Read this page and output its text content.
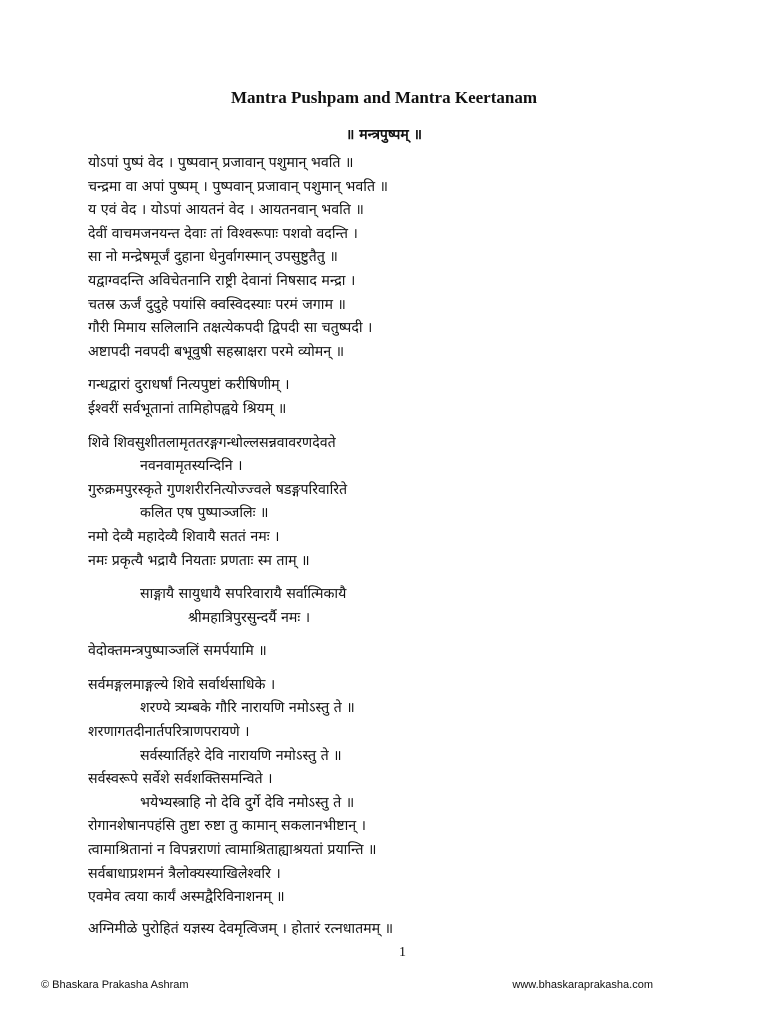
Mantra Pushpam and Mantra Keertanam
॥ मन्त्रपुष्पम् ॥
योऽपां पुष्पं वेद । पुष्पवान् प्रजावान् पशुमान् भवति ॥
चन्द्रमा वा अपां पुष्पम् । पुष्पवान् प्रजावान् पशुमान् भवति ॥
य एवं वेद । योऽपां आयतनं वेद । आयतनवान् भवति ॥
देवीं वाचमजनयन्त देवाः तां विश्वरूपाः पशवो वदन्ति ।
सा नो मन्द्रेषमूर्जं दुहाना धेनुर्वागस्मान् उपसुष्टुतैतु ॥
यद्वाग्वदन्ति अविचेतनानि राष्ट्री देवानां निषसाद मन्द्रा ।
चतस्र ऊर्जं दुदुहे पयांसि क्वस्विदस्याः परमं जगाम ॥
गौरी मिमाय सलिलानि तक्षत्येकपदी द्विपदी सा चतुष्पदी ।
अष्टापदी नवपदी बभूवुषी सहस्राक्षरा परमे व्योमन् ॥
गन्धद्वारां दुराधर्षां नित्यपुष्टां करीषिणीम् ।
ईश्वरीं सर्वभूतानां तामिहोपह्वये श्रियम् ॥
शिवे शिवसुशीतलामृततरङ्गगन्धोल्लसन्नवावरणदेवते
नवनवामृतस्यन्दिनि ।
गुरुक्रमपुरस्कृते गुणशरीरनित्योज्ज्वले षडङ्गपरिवारिते
कलित एष पुष्पाञ्जलिः ॥
नमो देव्यै महादेव्यै शिवायै सततं नमः ।
नमः प्रकृत्यै भद्रायै नियताः प्रणताः स्म ताम् ॥
साङ्गायै सायुधायै सपरिवारायै सर्वात्मिकायै
श्रीमहात्रिपुरसुन्दर्यै नमः ।
वेदोक्तमन्त्रपुष्पाञ्जलिं समर्पयामि ॥
सर्वमङ्गलमाङ्गल्ये शिवे सर्वार्थसाधिके ।
शरण्ये त्र्यम्बके गौरि नारायणि नमोऽस्तु ते ॥
शरणागतदीनार्तपरित्राणपरायणे ।
सर्वस्यार्तिहरे देवि नारायणि नमोऽस्तु ते ॥
सर्वस्वरूपे सर्वेशे सर्वशक्तिसमन्विते ।
भयेभ्यस्त्राहि नो देवि दुर्गे देवि नमोऽस्तु ते ॥
रोगानशेषानपहंसि तुष्टा रुष्टा तु कामान् सकलानभीष्टान् ।
त्वामाश्रितानां न विपन्नराणां त्वामाश्रिताह्याश्रयतां प्रयान्ति ॥
सर्वबाधाप्रशमनं त्रैलोक्यस्याखिलेश्वरि ।
एवमेव त्वया कार्यं अस्मद्वैरिविनाशनम् ॥
अग्निमीळे पुरोहितं यज्ञस्य देवमृत्विजम् । होतारं रत्नधातमम् ॥
1
© Bhaskara Prakasha Ashram	www.bhaskaraprakasha.com
